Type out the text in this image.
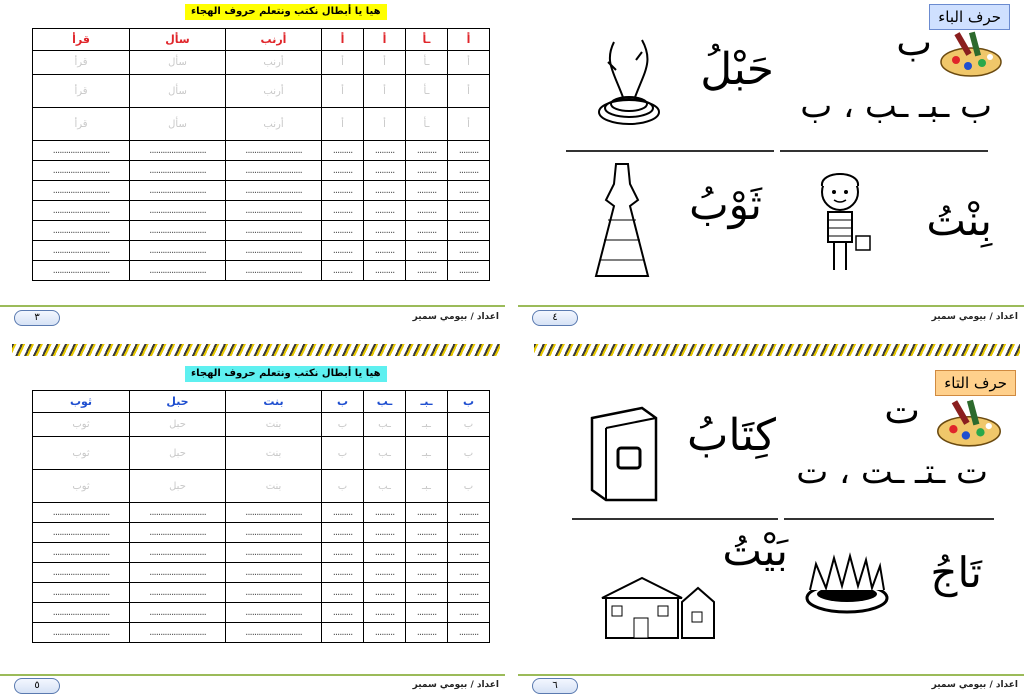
هيا يا أبطال نكتب ونتعلم حروف الهجاء
أ	ـأ	أ	أ	أرنب	سأل	قرأ
أ	ـأ	أ	أ	أرنب	سأل	قرأ
أ	ـأ	أ	أ	أرنب	سأل	قرأ
أ	ـأ	أ	أ	أرنب	سأل	قرأ
.........	.........	.........	.........	..........................	..........................	..........................
.........	.........	.........	.........	..........................	..........................	..........................
.........	.........	.........	.........	..........................	..........................	..........................
.........	.........	.........	.........	..........................	..........................	..........................
.........	.........	.........	.........	..........................	..........................	..........................
.........	.........	.........	.........	..........................	..........................	..........................
.........	.........	.........	.........	..........................	..........................	..........................
٣	اعداد / بيومي سمير
حرف الباء
ب
ب ـبـ ـب ، ب
حَبْلُ
ثَوْبُ	بِنْتُ
٤	اعداد / بيومي سمير
هيا يا أبطال نكتب ونتعلم حروف الهجاء
ب	ـبـ	ـب	ب	بنت	حبل	ثوب
ب	ـبـ	ـب	ب	بنت	حبل	ثوب
ب	ـبـ	ـب	ب	بنت	حبل	ثوب
ب	ـبـ	ـب	ب	بنت	حبل	ثوب
.........	.........	.........	.........	..........................	..........................	..........................
.........	.........	.........	.........	..........................	..........................	..........................
.........	.........	.........	.........	..........................	..........................	..........................
.........	.........	.........	.........	..........................	..........................	..........................
.........	.........	.........	.........	..........................	..........................	..........................
.........	.........	.........	.........	..........................	..........................	..........................
.........	.........	.........	.........	..........................	..........................	..........................
٥	اعداد / بيومي سمير
حرف التاء
ت
ت ـتـ ـت ، ت
كِتَابُ
بَيْتُ	تَاجُ
٦	اعداد / بيومي سمير
